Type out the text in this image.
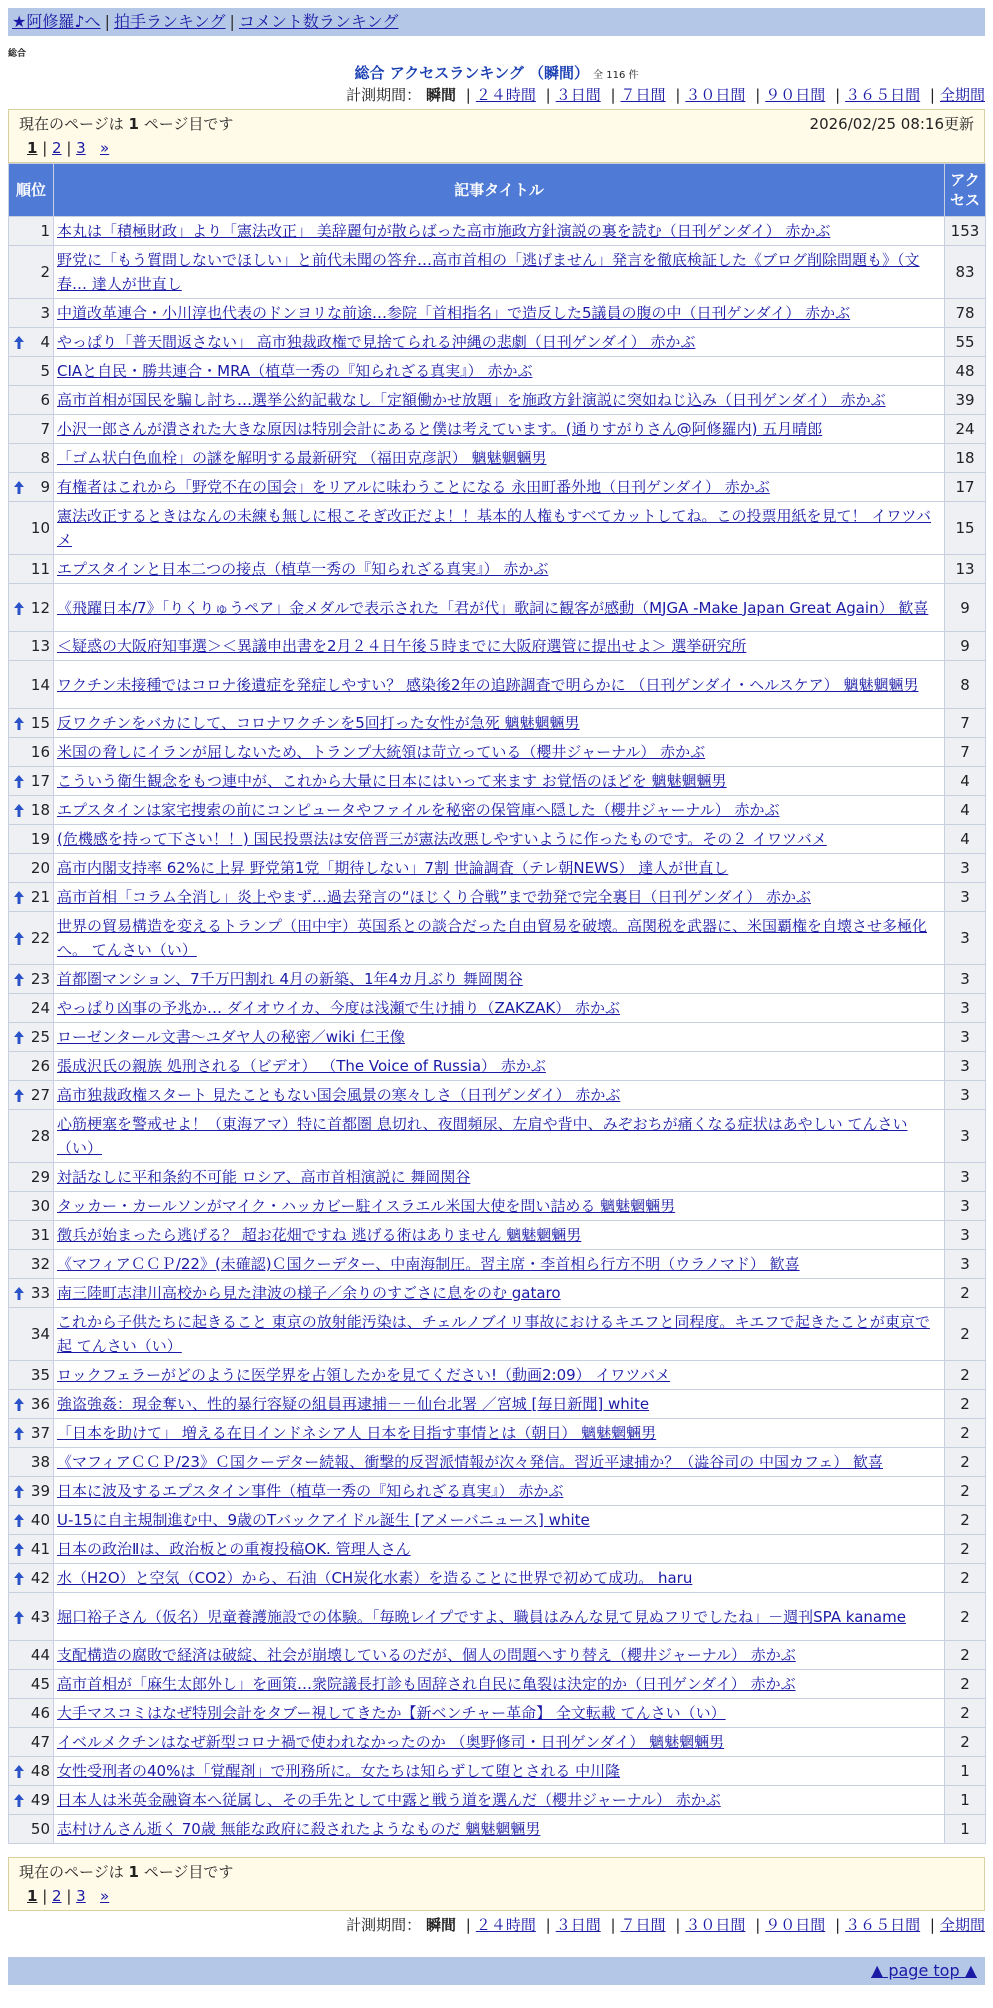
★阿修羅♪へ | 拍手ランキング | コメント数ランキング
総合
総合 アクセスランキング （瞬間） 全 116 件
計測期間： 瞬間 | ２４時間 | ３日間 | ７日間 | ３０日間 | ９０日間 | ３６５日間 | 全期間
現在のページは 1 ページ目です	2026/02/25 08:16更新
1 | 2 | 3 »
順位	記事タイトル	アクセス
1	本丸は「積極財政」より「憲法改正」 美辞麗句が散らばった高市施政方針演説の裏を読む（日刊ゲンダイ） 赤かぶ	153
2	野党に「もう質問しないでほしい」と前代未聞の答弁…高市首相の「逃げません」発言を徹底検証した《ブログ削除問題も》（文春… 達人が世直し	83
3	中道改革連合・小川淳也代表のドンヨリな前途…参院「首相指名」で造反した5議員の腹の中（日刊ゲンダイ） 赤かぶ	78

4	やっぱり「普天間返さない」 高市独裁政権で見捨てられる沖縄の悲劇（日刊ゲンダイ） 赤かぶ	55
5	CIAと自民・勝共連合・MRA（植草一秀の『知られざる真実』） 赤かぶ	48
6	高市首相が国民を騙し討ち…選挙公約記載なし「定額働かせ放題」を施政方針演説に突如ねじ込み（日刊ゲンダイ） 赤かぶ	39
7	小沢一郎さんが潰された大きな原因は特別会計にあると僕は考えています。(通りすがりさん@阿修羅内) 五月晴郎	24
8	「ゴム状白色血栓」の謎を解明する最新研究 （福田克彦訳） 魑魅魍魎男	18

9	有権者はこれから「野党不在の国会」をリアルに味わうことになる 永田町番外地（日刊ゲンダイ） 赤かぶ	17
10	憲法改正するときはなんの未練も無しに根こそぎ改正だよ！！基本的人権もすべてカットしてね。この投票用紙を見て！ イワツバメ	15
11	エプスタインと日本二つの接点（植草一秀の『知られざる真実』） 赤かぶ	13

12	《飛躍日本/7》「りくりゅうペア」金メダルで表示された「君が代」歌詞に観客が感動（MJGA -Make Japan Great Again） 歓喜	9
13	＜疑惑の大阪府知事選＞＜異議申出書を2月２４日午後５時までに大阪府選管に提出せよ＞ 選挙研究所	9
14	ワクチン未接種ではコロナ後遺症を発症しやすい？ 感染後2年の追跡調査で明らかに （日刊ゲンダイ・ヘルスケア） 魑魅魍魎男	8

15	反ワクチンをバカにして、コロナワクチンを5回打った女性が急死 魑魅魍魎男	7
16	米国の脅しにイランが屈しないため、トランプ大統領は苛立っている（櫻井ジャーナル） 赤かぶ	7

17	こういう衛生観念をもつ連中が、これから大量に日本にはいって来ます お覚悟のほどを 魑魅魍魎男	4

18	エプスタインは家宅捜索の前にコンピュータやファイルを秘密の保管庫へ隠した（櫻井ジャーナル） 赤かぶ	4
19	(危機感を持って下さい！！) 国民投票法は安倍晋三が憲法改悪しやすいように作ったものです。その２ イワツバメ	4
20	高市内閣支持率 62%に上昇 野党第1党「期待しない」7割 世論調査（テレ朝NEWS） 達人が世直し	3

21	高市首相「コラム全消し」炎上やまず…過去発言の“ほじくり合戦”まで勃発で完全裏目（日刊ゲンダイ） 赤かぶ	3

22	世界の貿易構造を変えるトランプ（田中宇）英国系との談合だった自由貿易を破壊。高関税を武器に、米国覇権を自壊させ多極化へ。 てんさい（い）	3

23	首都圏マンション、7千万円割れ 4月の新築、1年4カ月ぶり 舞岡関谷	3
24	やっぱり凶事の予兆か… ダイオウイカ、今度は浅瀬で生け捕り（ZAKZAK） 赤かぶ	3

25	ローゼンタール文書〜ユダヤ人の秘密／wiki 仁王像	3
26	張成沢氏の親族 処刑される（ビデオ） （The Voice of Russia） 赤かぶ	3

27	高市独裁政権スタート 見たこともない国会風景の寒々しさ（日刊ゲンダイ） 赤かぶ	3
28	心筋梗塞を警戒せよ！（東海アマ）特に首都圏 息切れ、夜間頻尿、左肩や背中、みぞおちが痛くなる症状はあやしい てんさい（い）	3
29	対話なしに平和条約不可能 ロシア、高市首相演説に 舞岡関谷	3
30	タッカー・カールソンがマイク・ハッカビー駐イスラエル米国大使を問い詰める 魑魅魍魎男	3
31	徴兵が始まったら逃げる？ 超お花畑ですね 逃げる術はありません 魑魅魍魎男	3
32	《マフィアＣＣＰ/22》(未確認)Ｃ国クーデター、中南海制圧。習主席・李首相ら行方不明（ウラノマド） 歓喜	3

33	南三陸町志津川高校から見た津波の様子／余りのすごさに息をのむ gataro	2
34	これから子供たちに起きること 東京の放射能汚染は、チェルノブイリ事故におけるキエフと同程度。キエフで起きたことが東京で起 てんさい（い）	2
35	ロックフェラーがどのように医学界を占領したかを見てください!（動画2:09） イワツバメ	2

36	強盗強姦：現金奪い、性的暴行容疑の組員再逮捕－－仙台北署 ／宮城 [毎日新聞] white	2

37	「日本を助けて」 増える在日インドネシア人 日本を目指す事情とは（朝日） 魑魅魍魎男	2
38	《マフィアＣＣＰ/23》Ｃ国クーデター続報、衝撃的反習派情報が次々発信。習近平逮捕か？（澁谷司の 中国カフェ） 歓喜	2

39	日本に波及するエプスタイン事件（植草一秀の『知られざる真実』） 赤かぶ	2

40	U-15に自主規制進む中、9歳のTバックアイドル誕生 [アメーバニュース] white	2

41	日本の政治Ⅱは、政治板との重複投稿OK. 管理人さん	2

42	水（H2O）と空気（CO2）から、石油（CH炭化水素）を造ることに世界で初めて成功。 haru	2

43	堀口裕子さん（仮名）児童養護施設での体験。「毎晩レイプですよ、職員はみんな見て見ぬフリでしたね」－週刊SPA kaname	2
44	支配構造の腐敗で経済は破綻、社会が崩壊しているのだが、個人の問題へすり替え（櫻井ジャーナル） 赤かぶ	2
45	高市首相が「麻生太郎外し」を画策…衆院議長打診も固辞され自民に亀裂は決定的か（日刊ゲンダイ） 赤かぶ	2
46	大手マスコミはなぜ特別会計をタブー視してきたか【新ベンチャー革命】 全文転載 てんさい（い）	2
47	イベルメクチンはなぜ新型コロナ禍で使われなかったのか （奥野修司・日刊ゲンダイ） 魑魅魍魎男	2

48	女性受刑者の40%は「覚醒剤」で刑務所に。女たちは知らずして堕とされる 中川隆	1

49	日本人は米英金融資本へ従属し、その手先として中露と戦う道を選んだ（櫻井ジャーナル） 赤かぶ	1
50	志村けんさん逝く 70歳 無能な政府に殺されたようなものだ 魑魅魍魎男	1
現在のページは 1 ページ目です
1 | 2 | 3 »
計測期間： 瞬間 | ２４時間 | ３日間 | ７日間 | ３０日間 | ９０日間 | ３６５日間 | 全期間
▲ page top ▲
